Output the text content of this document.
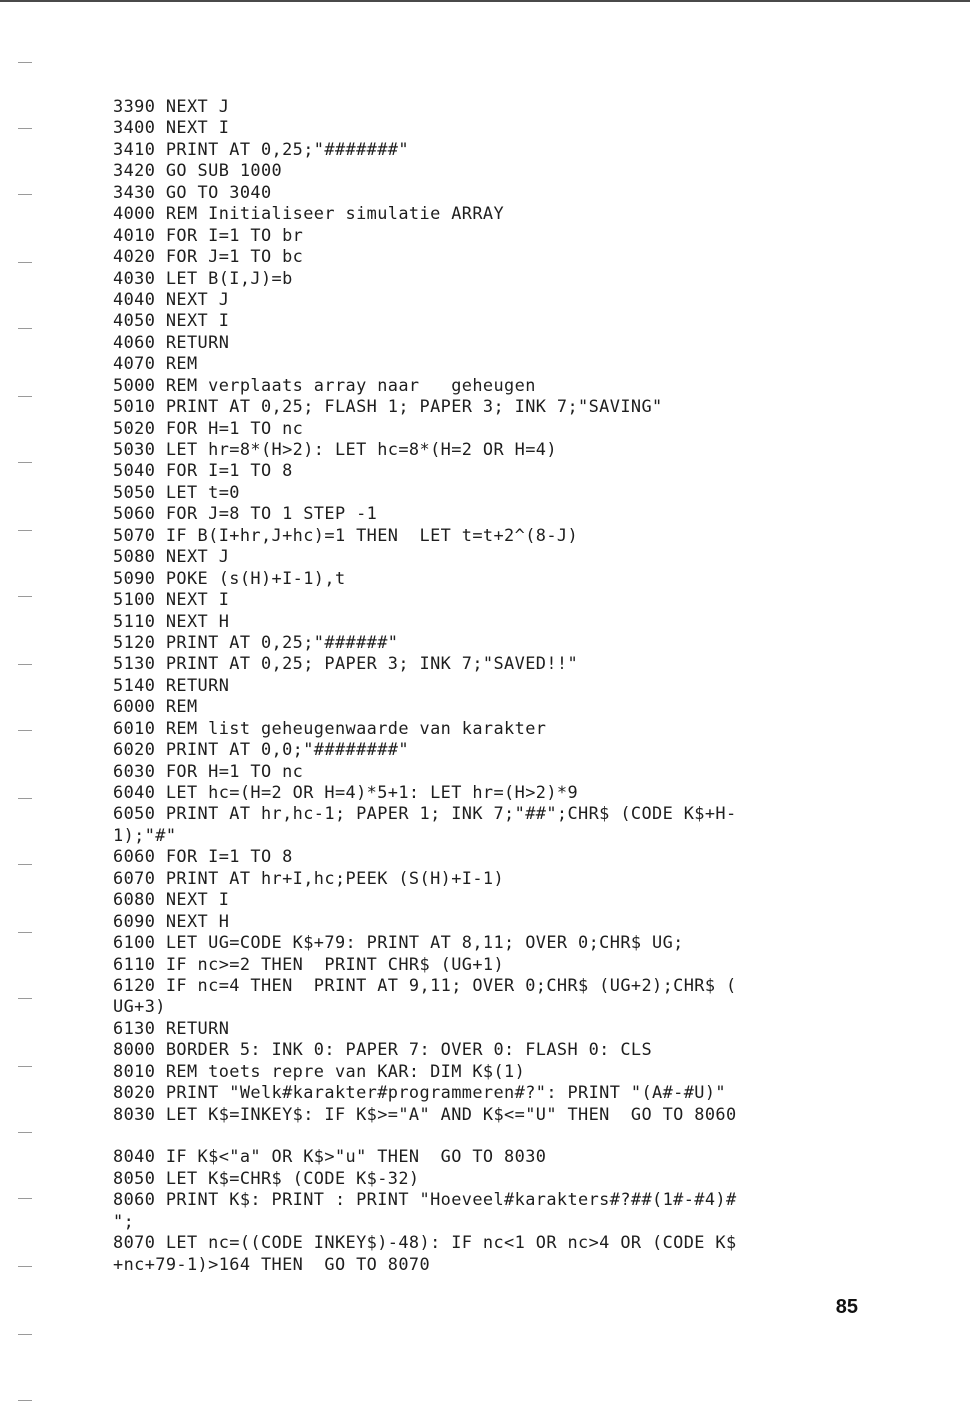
3390 NEXT J
3400 NEXT I
3410 PRINT AT 0,25;"#######"
3420 GO SUB 1000
3430 GO TO 3040
4000 REM Initialiseer simulatie ARRAY
4010 FOR I=1 TO br
4020 FOR J=1 TO bc
4030 LET B(I,J)=b
4040 NEXT J
4050 NEXT I
4060 RETURN
4070 REM
5000 REM verplaats array naar   geheugen
5010 PRINT AT 0,25; FLASH 1; PAPER 3; INK 7;"SAVING"
5020 FOR H=1 TO nc
5030 LET hr=8*(H>2): LET hc=8*(H=2 OR H=4)
5040 FOR I=1 TO 8
5050 LET t=0
5060 FOR J=8 TO 1 STEP -1
5070 IF B(I+hr,J+hc)=1 THEN  LET t=t+2^(8-J)
5080 NEXT J
5090 POKE (s(H)+I-1),t
5100 NEXT I
5110 NEXT H
5120 PRINT AT 0,25;"######"
5130 PRINT AT 0,25; PAPER 3; INK 7;"SAVED!!"
5140 RETURN
6000 REM
6010 REM list geheugenwaarde van karakter
6020 PRINT AT 0,0;"########"
6030 FOR H=1 TO nc
6040 LET hc=(H=2 OR H=4)*5+1: LET hr=(H>2)*9
6050 PRINT AT hr,hc-1; PAPER 1; INK 7;"##";CHR$ (CODE K$+H-
1);"#"
6060 FOR I=1 TO 8
6070 PRINT AT hr+I,hc;PEEK (S(H)+I-1)
6080 NEXT I
6090 NEXT H
6100 LET UG=CODE K$+79: PRINT AT 8,11; OVER 0;CHR$ UG;
6110 IF nc>=2 THEN  PRINT CHR$ (UG+1)
6120 IF nc=4 THEN  PRINT AT 9,11; OVER 0;CHR$ (UG+2);CHR$ (
UG+3)
6130 RETURN
8000 BORDER 5: INK 0: PAPER 7: OVER 0: FLASH 0: CLS
8010 REM toets repre van KAR: DIM K$(1)
8020 PRINT "Welk#karakter#programmeren#?": PRINT "(A#-#U)"
8030 LET K$=INKEY$: IF K$>="A" AND K$<="U" THEN  GO TO 8060
8040 IF K$<"a" OR K$>"u" THEN  GO TO 8030
8050 LET K$=CHR$ (CODE K$-32)
8060 PRINT K$: PRINT : PRINT "Hoeveel#karakters#?##(1#-#4)#
";
8070 LET nc=((CODE INKEY$)-48): IF nc<1 OR nc>4 OR (CODE K$
+nc+79-1)>164 THEN  GO TO 8070
85
